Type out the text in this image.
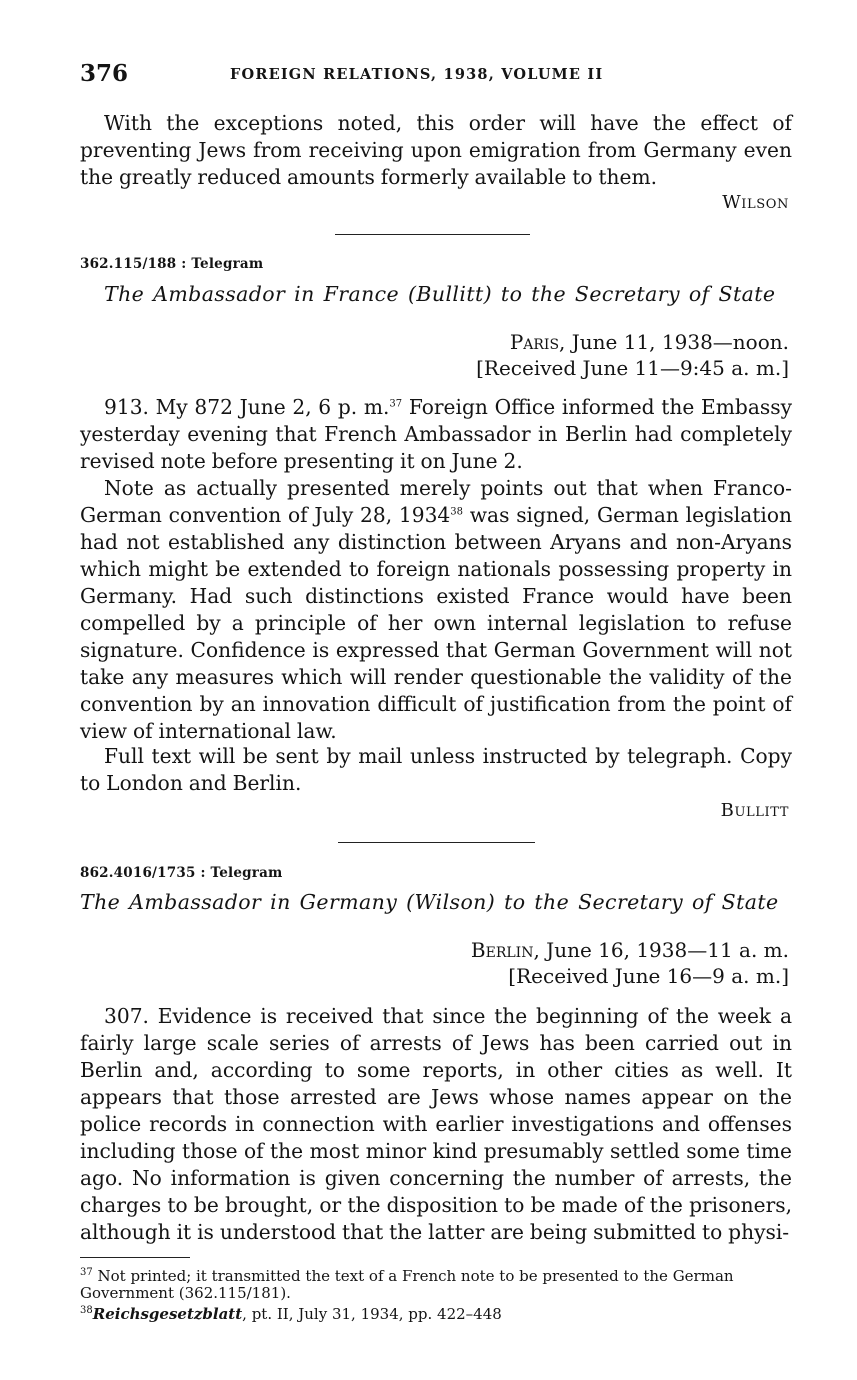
376	FOREIGN RELATIONS, 1938, VOLUME II
With the exceptions noted, this order will have the effect of preventing Jews from receiving upon emigration from Germany even the greatly reduced amounts formerly available to them.
Wilson
362.115/188 : Telegram
The Ambassador in France (Bullitt) to the Secretary of State
Paris, June 11, 1938—noon.
[Received June 11—9:45 a. m.]
913. My 872 June 2, 6 p. m.$^{37}$ Foreign Office informed the Embassy yesterday evening that French Ambassador in Berlin had completely revised note before presenting it on June 2.
Note as actually presented merely points out that when Franco-German convention of July 28, 1934$^{38}$ was signed, German legislation had not established any distinction between Aryans and non-Aryans which might be extended to foreign nationals possessing property in Germany. Had such distinctions existed France would have been compelled by a principle of her own internal legislation to refuse signature. Confidence is expressed that German Government will not take any measures which will render questionable the validity of the convention by an innovation difficult of justification from the point of view of international law.
Full text will be sent by mail unless instructed by telegraph. Copy to London and Berlin.
Bullitt
862.4016/1735 : Telegram
The Ambassador in Germany (Wilson) to the Secretary of State
Berlin, June 16, 1938—11 a. m.
[Received June 16—9 a. m.]
307. Evidence is received that since the beginning of the week a fairly large scale series of arrests of Jews has been carried out in Berlin and, according to some reports, in other cities as well. It appears that those arrested are Jews whose names appear on the police records in connection with earlier investigations and offenses including those of the most minor kind presumably settled some time ago. No information is given concerning the number of arrests, the charges to be brought, or the disposition to be made of the prisoners, although it is understood that the latter are being submitted to physi-
$^{37}$ Not printed; it transmitted the text of a French note to be presented to the German Government (362.115/181).
$^{38}$Reichsgesetzblatt, pt. II, July 31, 1934, pp. 422–448
